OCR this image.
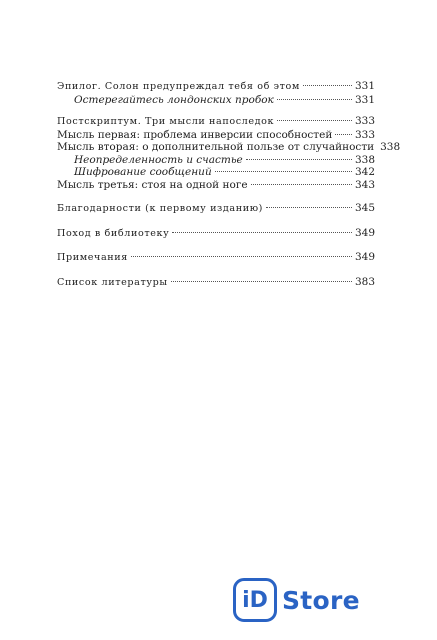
Эпилог. Солон предупреждал тебя об этом	331
Остерегайтесь лондонских пробок	331
Постскриптум. Три мысли напоследок	333
Мысль первая: проблема инверсии способностей 333
Мысль вторая: о дополнительной пользе от случайности 338
Неопределенность и счастье	338
Шифрование сообщений	342
Мысль третья: стоя на одной ноге	343
Благодарности (к первому изданию)	345
Поход в библиотеку	349
Примечания	349
Список литературы	383
iD Store
